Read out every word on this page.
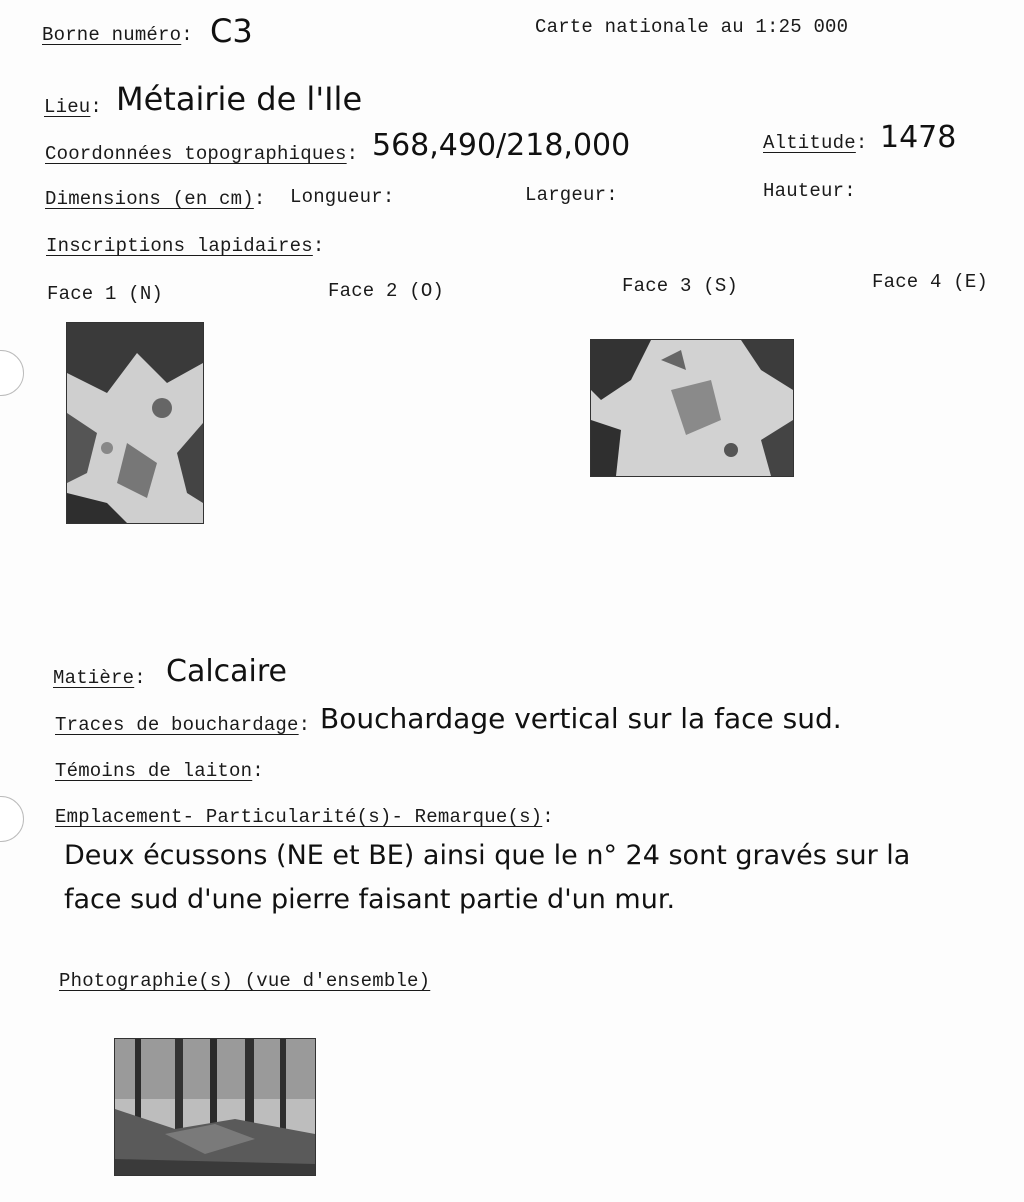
Borne numéro: C3	Carte nationale au 1:25 000
Lieu: Métairie de l'Ile
Coordonnées topographiques: 568,490/218,000	Altitude: 1478
Dimensions (en cm): Longueur:	Largeur:	Hauteur:
Inscriptions lapidaires:
Face 1 (N)	Face 2 (O)	Face 3 (S)	Face 4 (E)
Matière: Calcaire
Traces de bouchardage: Bouchardage vertical sur la face sud.
Témoins de laiton:
Emplacement- Particularité(s)- Remarque(s):
Deux écussons (NE et BE) ainsi que le n° 24 sont gravés sur la
face sud d'une pierre faisant partie d'un mur.
Photographie(s) (vue d'ensemble)
